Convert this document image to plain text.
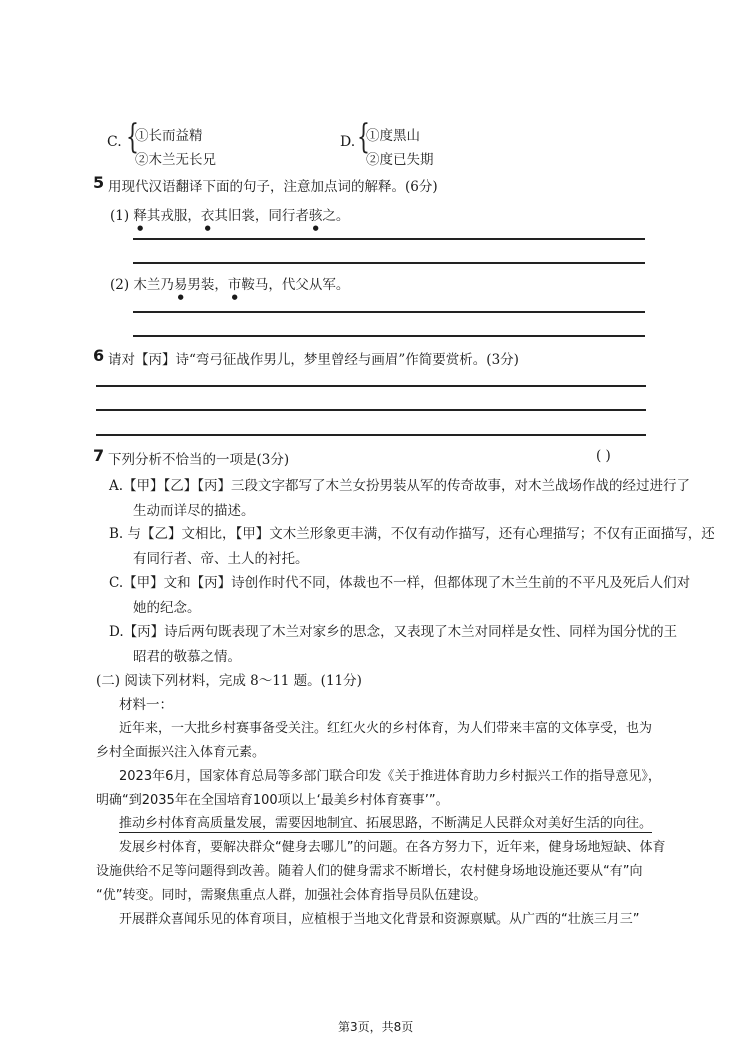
C. {
①长而益精
②木兰无长兄
D. {
①度黑山
②度已失期
5 用现代汉语翻译下面的句子，注意加点词的解释。(6分)
(1) 释其戎服，衣其旧裳，同行者骇之。
(2) 木兰乃易男装，市鞍马，代父从军。
6 请对【丙】诗“弯弓征战作男儿，梦里曾经与画眉”作简要赏析。(3分)
7 下列分析不恰当的一项是(3分)	( )
A.【甲】【乙】【丙】三段文字都写了木兰女扮男装从军的传奇故事，对木兰战场作战的经过进行了
生动而详尽的描述。
B. 与【乙】文相比，【甲】文木兰形象更丰满，不仅有动作描写，还有心理描写；不仅有正面描写，还
有同行者、帝、土人的衬托。
C.【甲】文和【丙】诗创作时代不同，体裁也不一样，但都体现了木兰生前的不平凡及死后人们对
她的纪念。
D.【丙】诗后两句既表现了木兰对家乡的思念，又表现了木兰对同样是女性、同样为国分忧的王
昭君的敬慕之情。
(二) 阅读下列材料，完成 8～11 题。(11分)
材料一：
近年来，一大批乡村赛事备受关注。红红火火的乡村体育，为人们带来丰富的文体享受，也为
乡村全面振兴注入体育元素。
2023年6月，国家体育总局等多部门联合印发《关于推进体育助力乡村振兴工作的指导意见》，
明确“到2035年在全国培育100项以上‘最美乡村体育赛事’”。
推动乡村体育高质量发展，需要因地制宜、拓展思路，不断满足人民群众对美好生活的向往。
发展乡村体育，要解决群众“健身去哪儿”的问题。在各方努力下，近年来，健身场地短缺、体育
设施供给不足等问题得到改善。随着人们的健身需求不断增长，农村健身场地设施还要从“有”向
“优”转变。同时，需聚焦重点人群，加强社会体育指导员队伍建设。
开展群众喜闻乐见的体育项目，应植根于当地文化背景和资源禀赋。从广西的“壮族三月三”
第3页，共8页
